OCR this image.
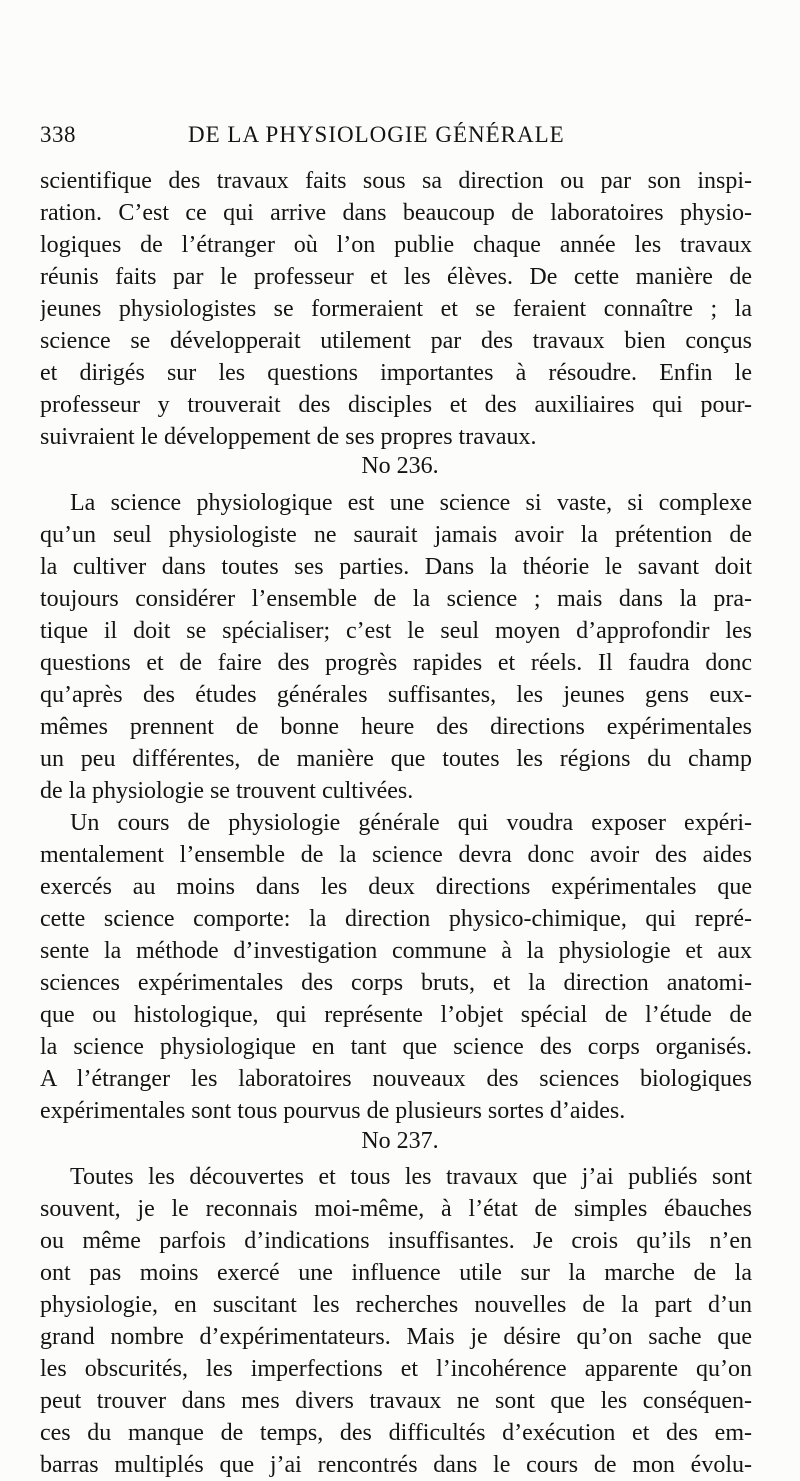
338	DE LA PHYSIOLOGIE GÉNÉRALE
scientifique des travaux faits sous sa direction ou par son inspi-
ration. C’est ce qui arrive dans beaucoup de laboratoires physio-
logiques de l’étranger où l’on publie chaque année les travaux
réunis faits par le professeur et les élèves. De cette manière de
jeunes physiologistes se formeraient et se feraient connaître ; la
science se développerait utilement par des travaux bien conçus
et dirigés sur les questions importantes à résoudre. Enfin le
professeur y trouverait des disciples et des auxiliaires qui pour-
suivraient le développement de ses propres travaux.
No 236.
La science physiologique est une science si vaste, si complexe
qu’un seul physiologiste ne saurait jamais avoir la prétention de
la cultiver dans toutes ses parties. Dans la théorie le savant doit
toujours considérer l’ensemble de la science ; mais dans la pra-
tique il doit se spécialiser; c’est le seul moyen d’approfondir les
questions et de faire des progrès rapides et réels. Il faudra donc
qu’après des études générales suffisantes, les jeunes gens eux-
mêmes prennent de bonne heure des directions expérimentales
un peu différentes, de manière que toutes les régions du champ
de la physiologie se trouvent cultivées.
Un cours de physiologie générale qui voudra exposer expéri-
mentalement l’ensemble de la science devra donc avoir des aides
exercés au moins dans les deux directions expérimentales que
cette science comporte: la direction physico-chimique, qui repré-
sente la méthode d’investigation commune à la physiologie et aux
sciences expérimentales des corps bruts, et la direction anatomi-
que ou histologique, qui représente l’objet spécial de l’étude de
la science physiologique en tant que science des corps organisés.
A l’étranger les laboratoires nouveaux des sciences biologiques
expérimentales sont tous pourvus de plusieurs sortes d’aides.
No 237.
Toutes les découvertes et tous les travaux que j’ai publiés sont
souvent, je le reconnais moi-même, à l’état de simples ébauches
ou même parfois d’indications insuffisantes. Je crois qu’ils n’en
ont pas moins exercé une influence utile sur la marche de la
physiologie, en suscitant les recherches nouvelles de la part d’un
grand nombre d’expérimentateurs. Mais je désire qu’on sache que
les obscurités, les imperfections et l’incohérence apparente qu’on
peut trouver dans mes divers travaux ne sont que les conséquen-
ces du manque de temps, des difficultés d’exécution et des em-
barras multiplés que j’ai rencontrés dans le cours de mon évolu-
